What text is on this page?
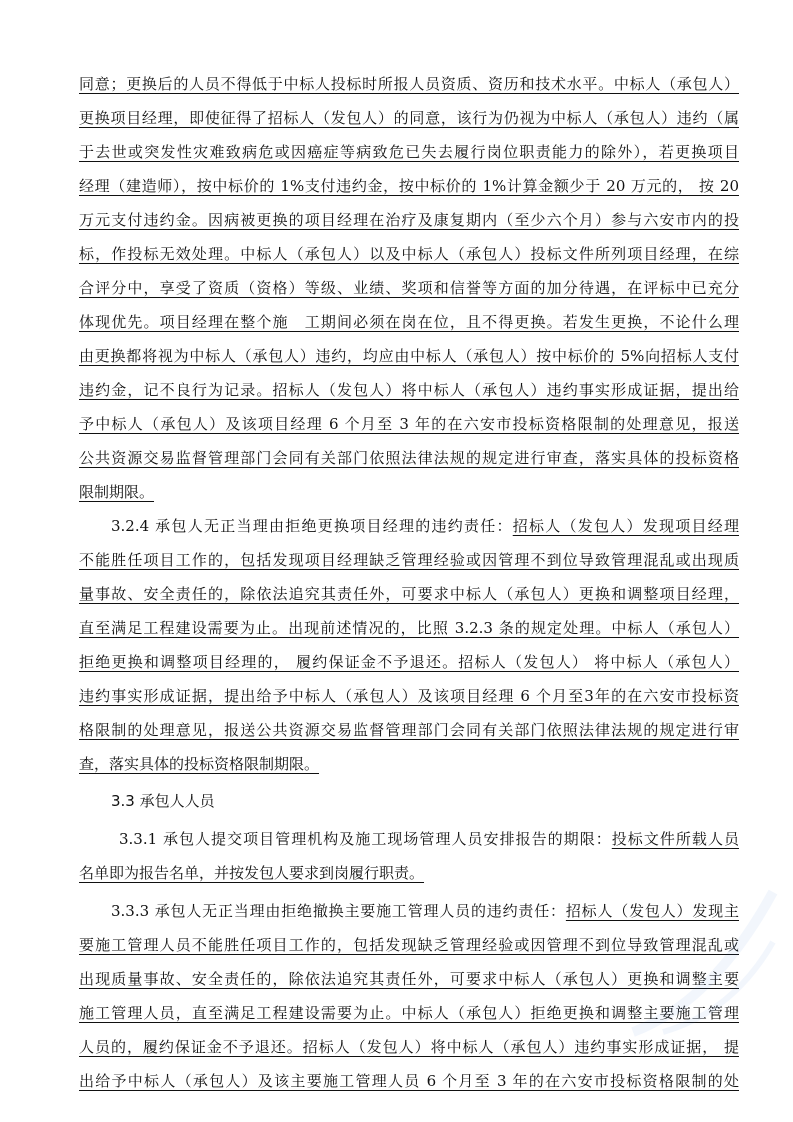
同意；更换后的人员不得低于中标人投标时所报人员资质、资历和技术水平。中标人（承包人）
更换项目经理，即使征得了招标人（发包人）的同意，该行为仍视为中标人（承包人）违约（属
于去世或突发性灾难致病危或因癌症等病致危已失去履行岗位职责能力的除外），若更换项目
经理（建造师），按中标价的 1%支付违约金，按中标价的 1%计算金额少于 20 万元的， 按 20
万元支付违约金。因病被更换的项目经理在治疗及康复期内（至少六个月）参与六安市内的投
标，作投标无效处理。中标人（承包人）以及中标人（承包人）投标文件所列项目经理，在综
合评分中，享受了资质（资格）等级、业绩、奖项和信誉等方面的加分待遇，在评标中已充分
体现优先。项目经理在整个施　工期间必须在岗在位，且不得更换。若发生更换，不论什么理
由更换都将视为中标人（承包人）违约，均应由中标人（承包人）按中标价的 5%向招标人支付
违约金，记不良行为记录。招标人（发包人）将中标人（承包人）违约事实形成证据，提出给
予中标人（承包人）及该项目经理 6 个月至 3 年的在六安市投标资格限制的处理意见，报送
公共资源交易监督管理部门会同有关部门依照法律法规的规定进行审查，落实具体的投标资格
限制期限。
3.2.4 承包人无正当理由拒绝更换项目经理的违约责任：招标人（发包人）发现项目经理
不能胜任项目工作的，包括发现项目经理缺乏管理经验或因管理不到位导致管理混乱或出现质
量事故、安全责任的，除依法追究其责任外，可要求中标人（承包人）更换和调整项目经理，
直至满足工程建设需要为止。出现前述情况的，比照 3.2.3 条的规定处理。中标人（承包人）
拒绝更换和调整项目经理的， 履约保证金不予退还。招标人（发包人） 将中标人（承包人）
违约事实形成证据，提出给予中标人（承包人）及该项目经理 6 个月至3年的在六安市投标资
格限制的处理意见，报送公共资源交易监督管理部门会同有关部门依照法律法规的规定进行审
查，落实具体的投标资格限制期限。
3.3 承包人人员
3.3.1 承包人提交项目管理机构及施工现场管理人员安排报告的期限：投标文件所载人员
名单即为报告名单，并按发包人要求到岗履行职责。
3.3.3 承包人无正当理由拒绝撤换主要施工管理人员的违约责任：招标人（发包人）发现主
要施工管理人员不能胜任项目工作的，包括发现缺乏管理经验或因管理不到位导致管理混乱或
出现质量事故、安全责任的，除依法追究其责任外，可要求中标人（承包人）更换和调整主要
施工管理人员，直至满足工程建设需要为止。中标人（承包人）拒绝更换和调整主要施工管理
人员的，履约保证金不予退还。招标人（发包人）将中标人（承包人）违约事实形成证据， 提
出给予中标人（承包人）及该主要施工管理人员 6 个月至 3 年的在六安市投标资格限制的处
